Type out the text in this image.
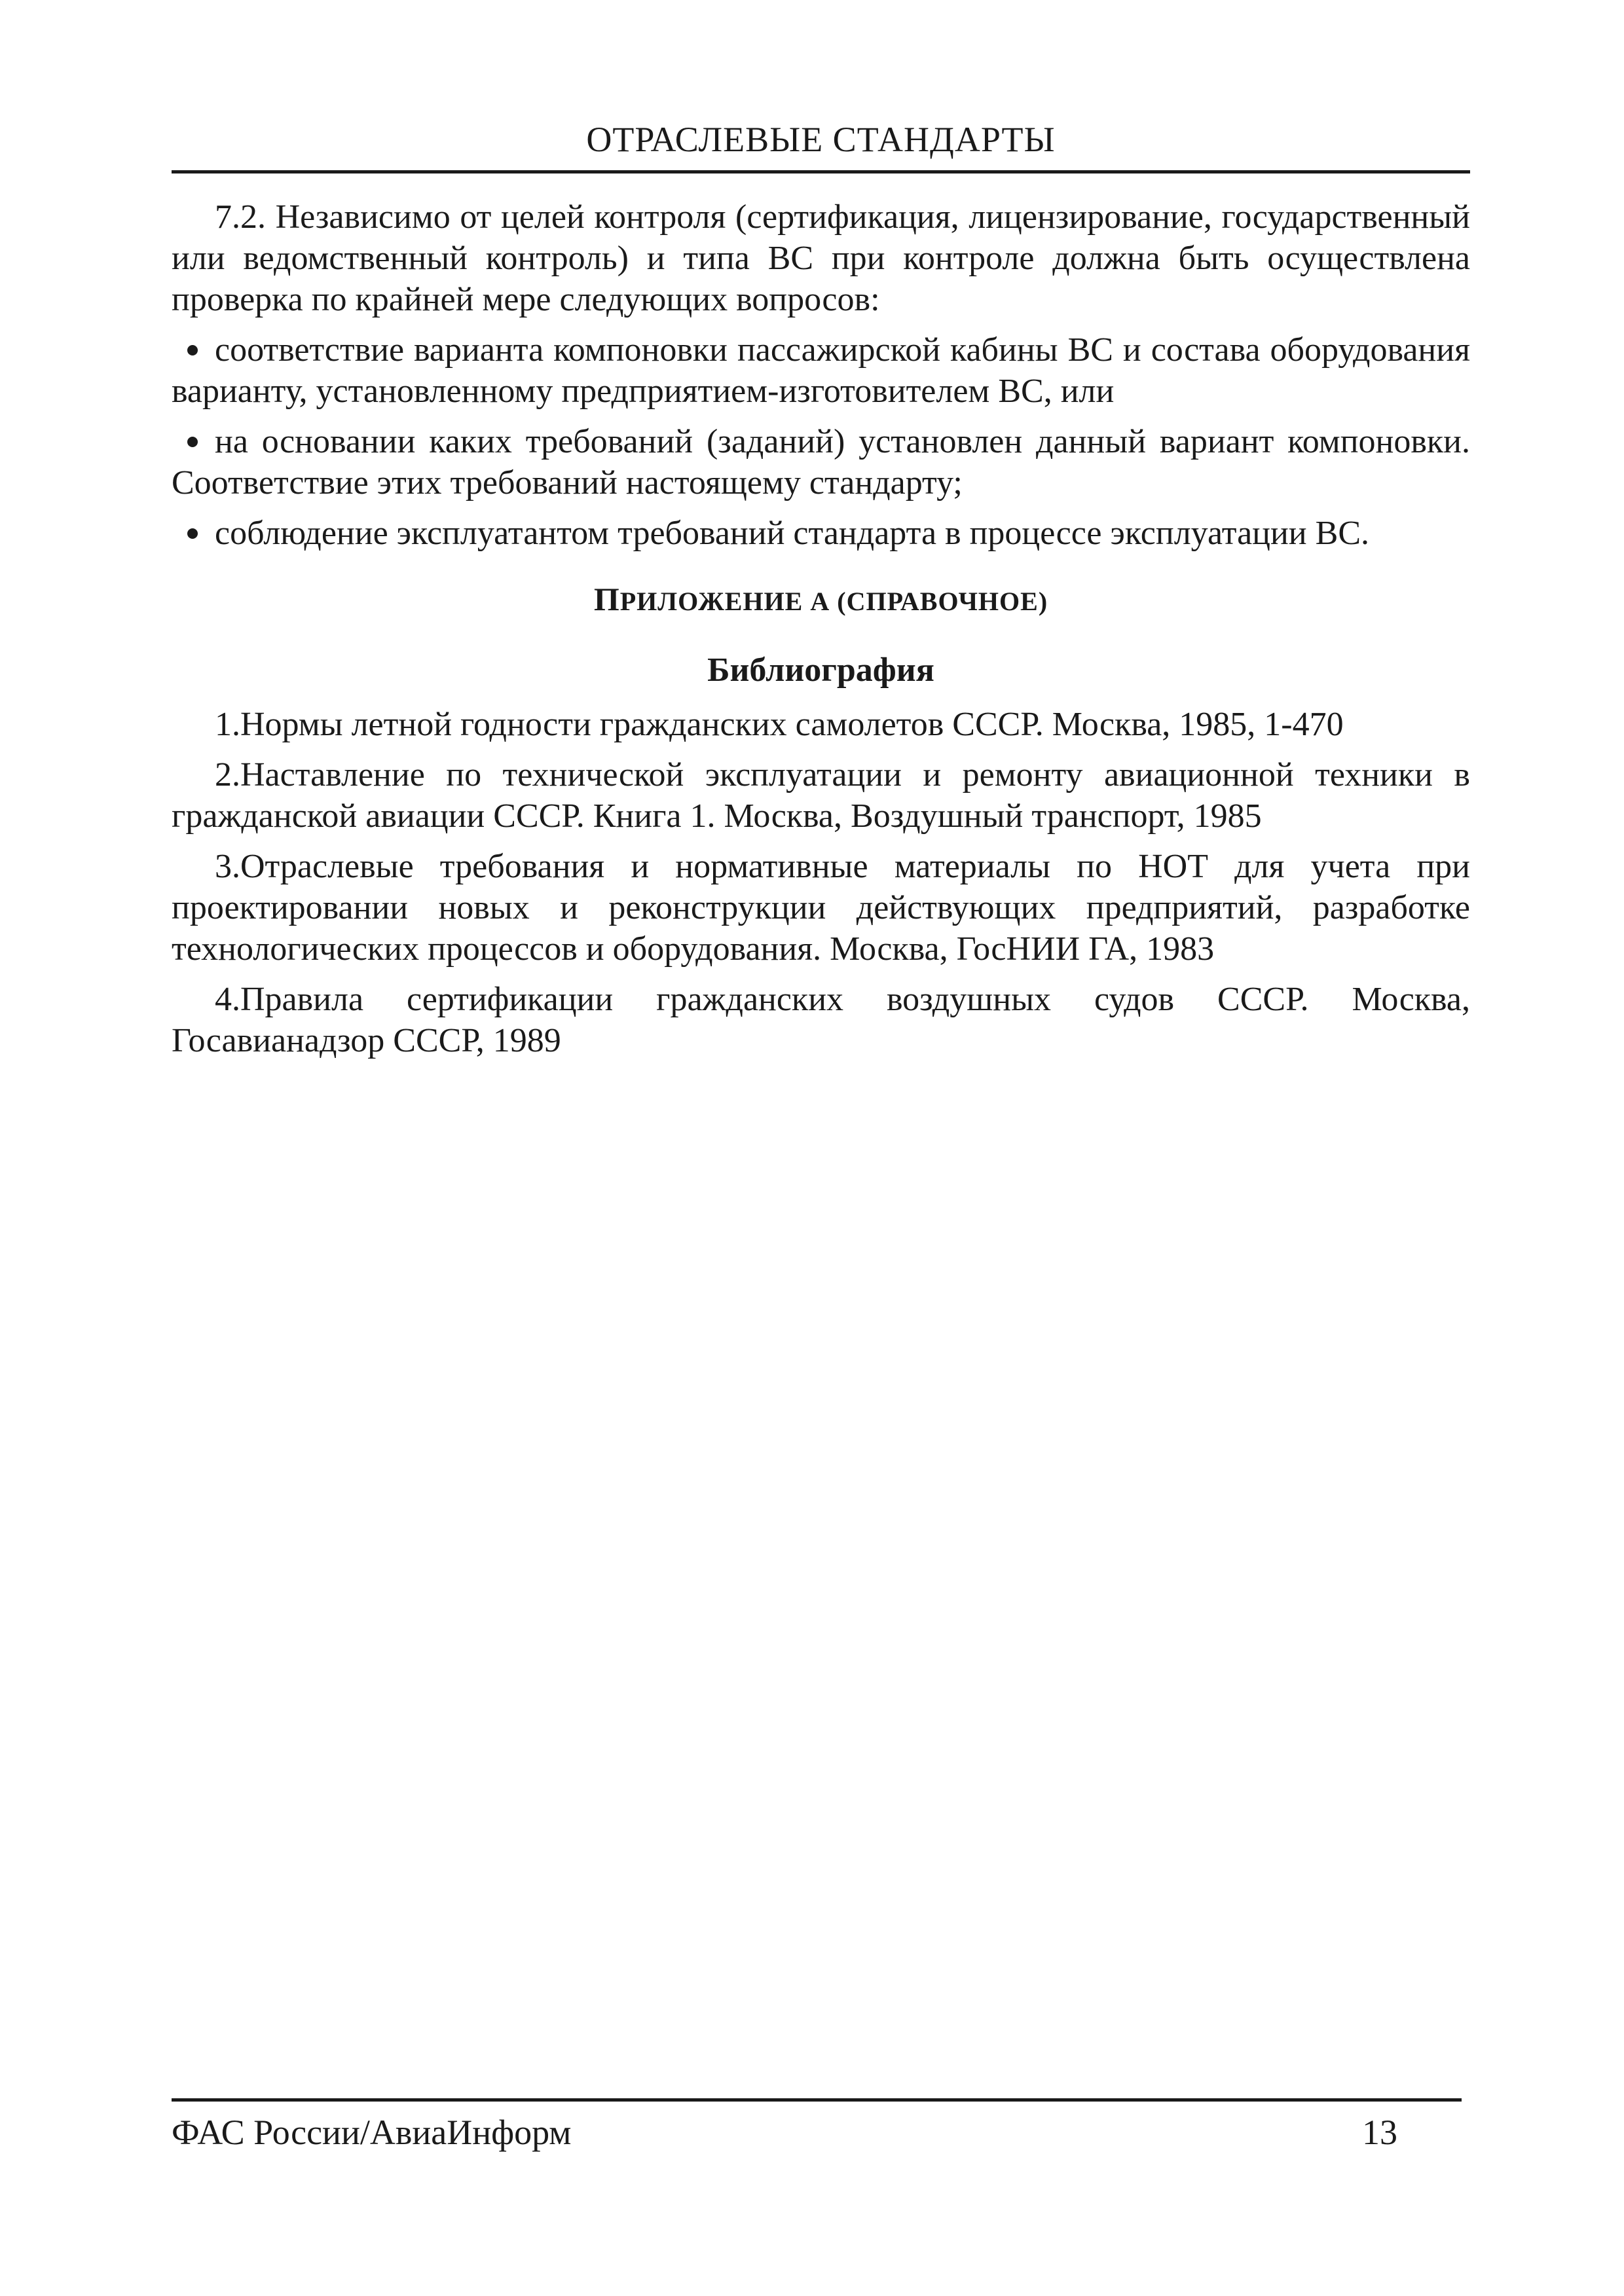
ОТРАСЛЕВЫЕ СТАНДАРТЫ

7.2. Независимо от целей контроля (сертификация, лицензирование, государственный или ведомственный контроль) и типа ВС при контроле должна быть осуществлена проверка по крайней мере следующих вопросов:

соответствие варианта компоновки пассажирской кабины ВС и состава оборудования варианту, установленному предприятием-изготовителем ВС, или
на основании каких требований (заданий) установлен данный вариант компоновки. Соответствие этих требований настоящему стандарту;
соблюдение эксплуатантом требований стандарта в процессе эксплуатации ВС.

ПРИЛОЖЕНИЕ А (СПРАВОЧНОЕ)

Библиография

1.Нормы летной годности гражданских самолетов СССР. Москва, 1985, 1-470

2.Наставление по технической эксплуатации и ремонту авиационной техники в гражданской авиации СССР. Книга 1. Москва, Воздушный транспорт, 1985

3.Отраслевые требования и нормативные материалы по НОТ для учета при проектировании новых и реконструкции действующих предприятий, разработке технологических процессов и оборудования. Москва, ГосНИИ ГА, 1983

4.Правила сертификации гражданских воздушных судов СССР. Москва, Госавианадзор СССР, 1989

ФАС России/АвиаИнформ	13
